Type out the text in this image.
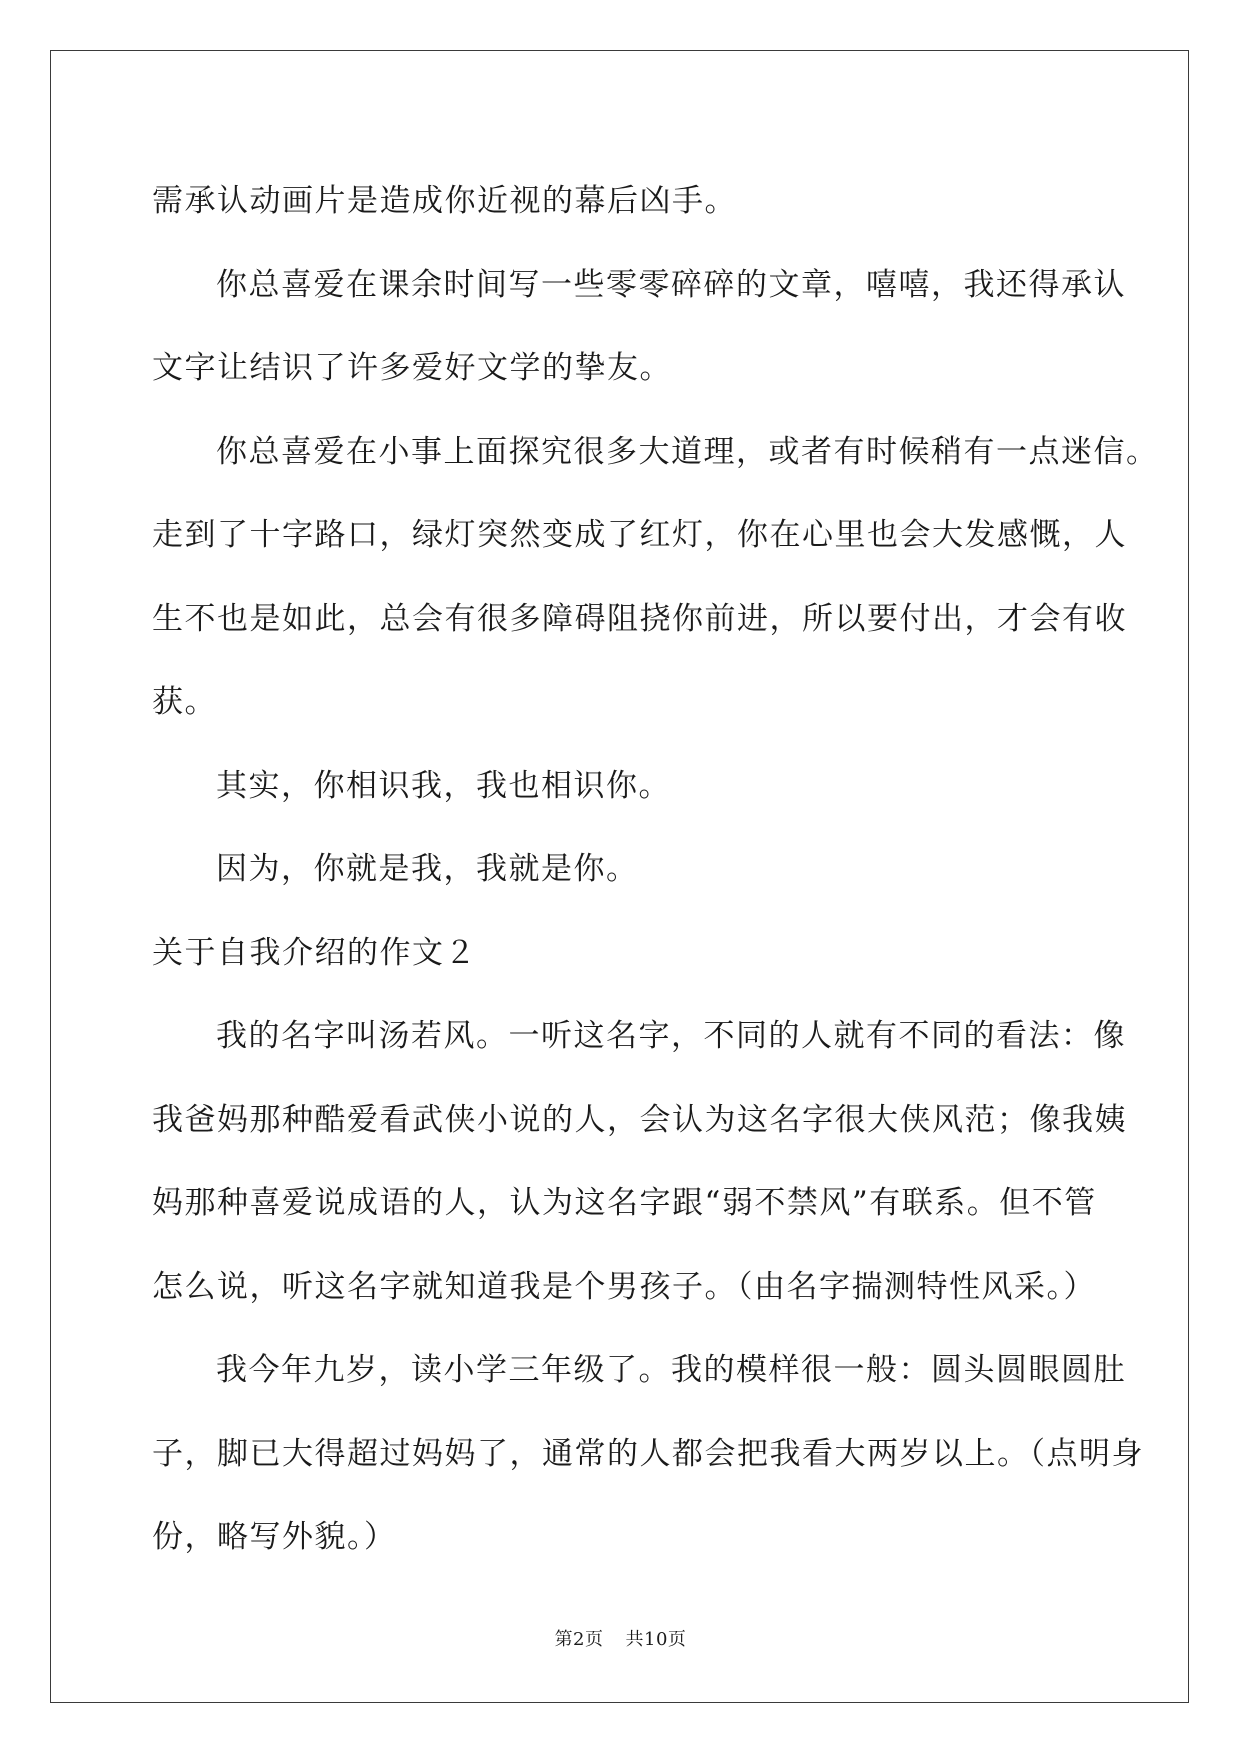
需承认动画片是造成你近视的幕后凶手。
你总喜爱在课余时间写一些零零碎碎的文章，嘻嘻，我还得承认
文字让结识了许多爱好文学的挚友。
你总喜爱在小事上面探究很多大道理，或者有时候稍有一点迷信。
走到了十字路口，绿灯突然变成了红灯，你在心里也会大发感慨，人
生不也是如此，总会有很多障碍阻挠你前进，所以要付出，才会有收
获。
其实，你相识我，我也相识你。
因为，你就是我，我就是你。
关于自我介绍的作文２
我的名字叫汤若风。一听这名字，不同的人就有不同的看法：像
我爸妈那种酷爱看武侠小说的人，会认为这名字很大侠风范；像我姨
妈那种喜爱说成语的人，认为这名字跟“弱不禁风”有联系。但不管
怎么说，听这名字就知道我是个男孩子。（由名字揣测特性风采。）
我今年九岁，读小学三年级了。我的模样很一般：圆头圆眼圆肚
子，脚已大得超过妈妈了，通常的人都会把我看大两岁以上。（点明身
份，略写外貌。）
第2页 共10页
